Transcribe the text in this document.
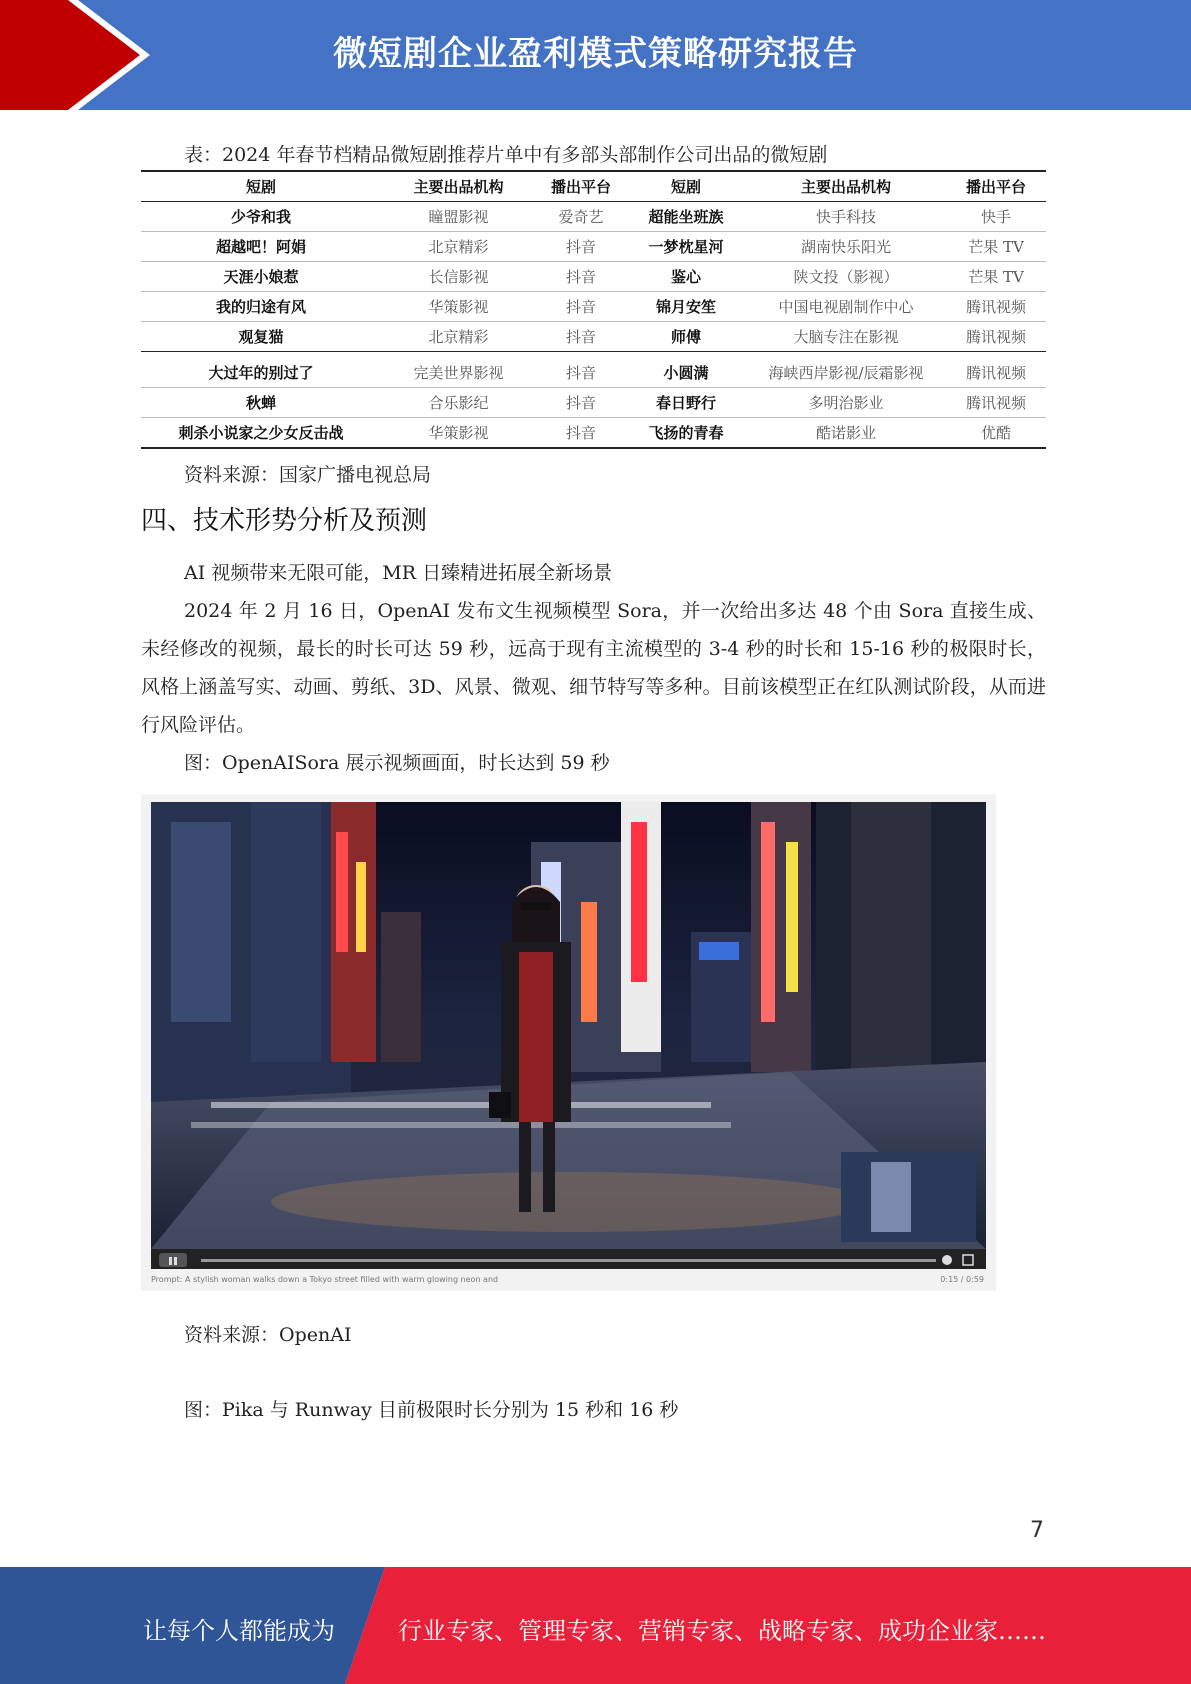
微短剧企业盈利模式策略研究报告
表：2024 年春节档精品微短剧推荐片单中有多部头部制作公司出品的微短剧
短剧	主要出品机构	播出平台	短剧	主要出品机构	播出平台
少爷和我	瞳盟影视	爱奇艺	超能坐班族	快手科技	快手
超越吧！阿娟	北京精彩	抖音	一梦枕星河	湖南快乐阳光	芒果 TV
天涯小娘惹	长信影视	抖音	鉴心	陕文投（影视）	芒果 TV
我的归途有风	华策影视	抖音	锦月安笙	中国电视剧制作中心	腾讯视频
观复猫	北京精彩	抖音	师傅	大脑专注在影视	腾讯视频
大过年的别过了	完美世界影视	抖音	小圆满	海峡西岸影视/辰霜影视	腾讯视频
秋蝉	合乐影纪	抖音	春日野行	多明治影业	腾讯视频
刺杀小说家之少女反击战	华策影视	抖音	飞扬的青春	酷诺影业	优酷
资料来源：国家广播电视总局
四、技术形势分析及预测
AI 视频带来无限可能，MR 日臻精进拓展全新场景
2024 年 2 月 16 日，OpenAI 发布文生视频模型 Sora，并一次给出多达 48 个由 Sora 直接生成、未经修改的视频，最长的时长可达 59 秒，远高于现有主流模型的 3-4 秒的时长和 15-16 秒的极限时长，风格上涵盖写实、动画、剪纸、3D、风景、微观、细节特写等多种。目前该模型正在红队测试阶段，从而进行风险评估。
图：OpenAISora 展示视频画面，时长达到 59 秒
Prompt: A stylish woman walks down a Tokyo street filled with warm glowing neon and	0:15 / 0:59
资料来源：OpenAI
图：Pika 与 Runway 目前极限时长分别为 15 秒和 16 秒
7
让每个人都能成为	行业专家、管理专家、营销专家、战略专家、成功企业家……
